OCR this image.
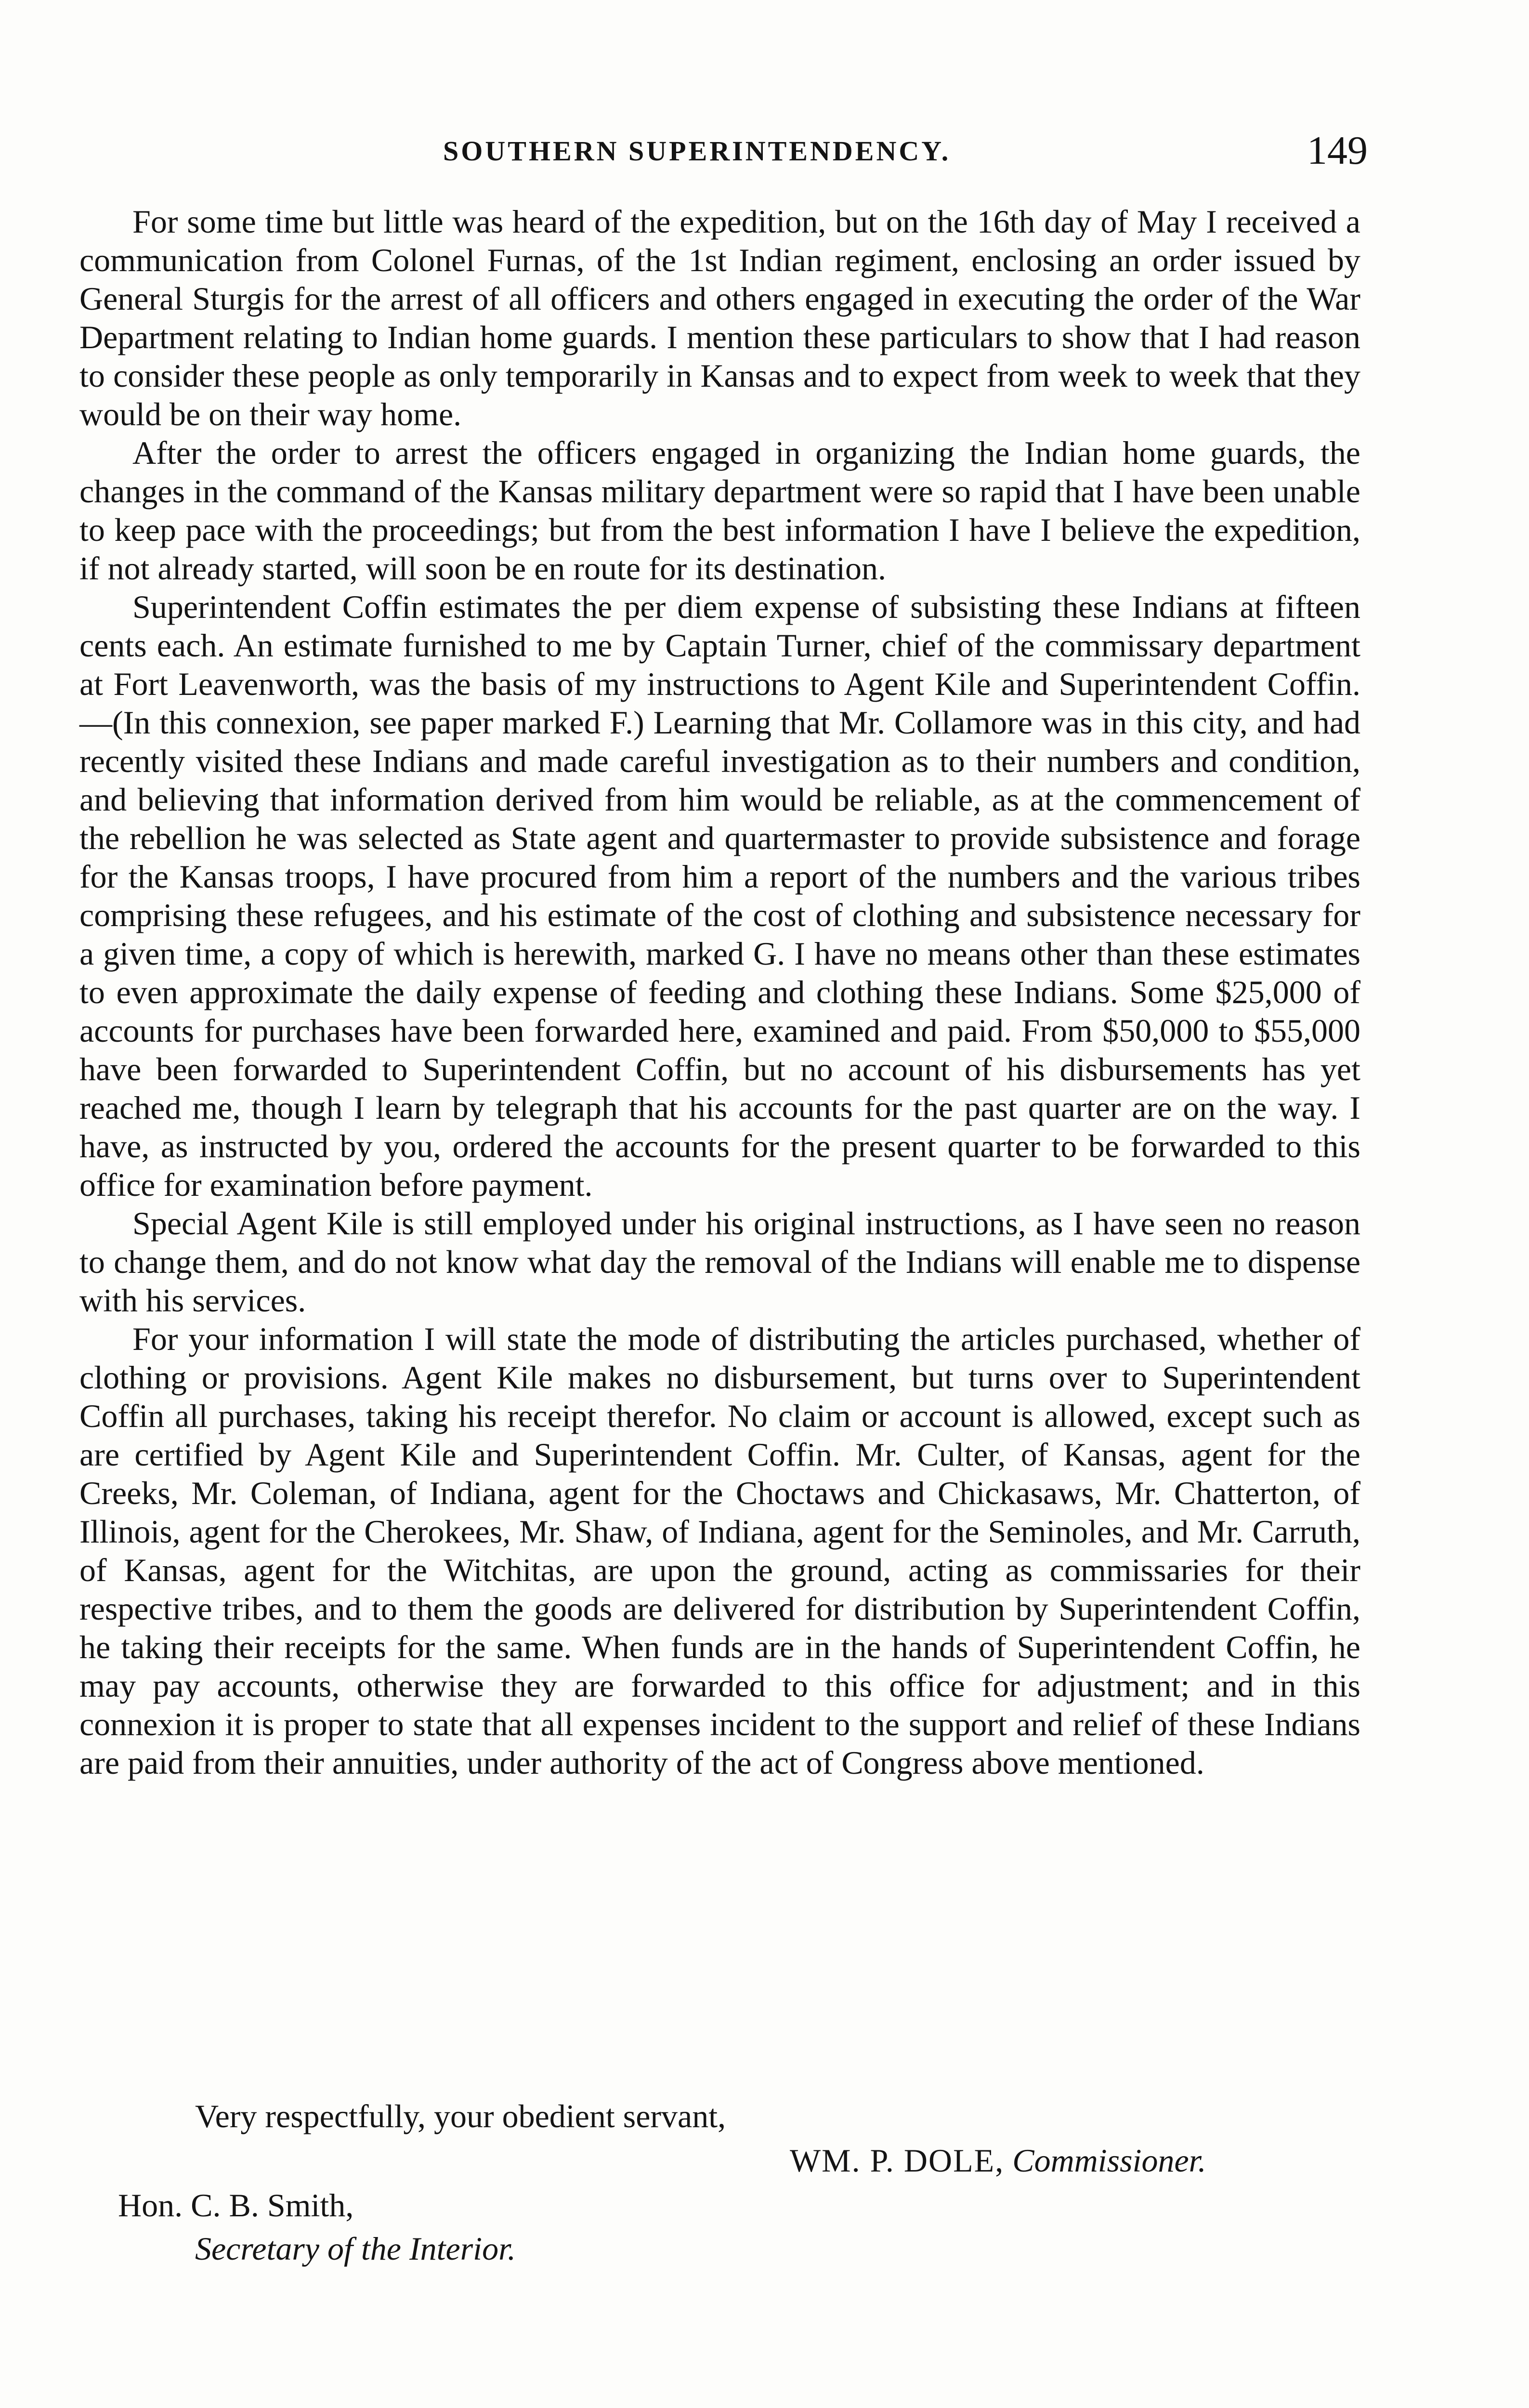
SOUTHERN SUPERINTENDENCY.	149

For some time but little was heard of the expedition, but on the 16th day of May I received a communication from Colonel Furnas, of the 1st Indian regiment, enclosing an order issued by General Sturgis for the arrest of all officers and others engaged in executing the order of the War Department relating to Indian home guards. I mention these particulars to show that I had reason to consider these people as only temporarily in Kansas and to expect from week to week that they would be on their way home.

After the order to arrest the officers engaged in organizing the Indian home guards, the changes in the command of the Kansas military department were so rapid that I have been unable to keep pace with the proceedings; but from the best information I have I believe the expedition, if not already started, will soon be en route for its destination.

Superintendent Coffin estimates the per diem expense of subsisting these Indians at fifteen cents each. An estimate furnished to me by Captain Turner, chief of the commissary department at Fort Leavenworth, was the basis of my instructions to Agent Kile and Superintendent Coffin.—(In this connexion, see paper marked F.) Learning that Mr. Collamore was in this city, and had recently visited these Indians and made careful investigation as to their numbers and condition, and believing that information derived from him would be reliable, as at the commencement of the rebellion he was selected as State agent and quartermaster to provide subsistence and forage for the Kansas troops, I have procured from him a report of the numbers and the various tribes comprising these refugees, and his estimate of the cost of clothing and subsistence necessary for a given time, a copy of which is herewith, marked G. I have no means other than these estimates to even approximate the daily expense of feeding and clothing these Indians. Some $25,000 of accounts for purchases have been forwarded here, examined and paid. From $50,000 to $55,000 have been forwarded to Superintendent Coffin, but no account of his disbursements has yet reached me, though I learn by telegraph that his accounts for the past quarter are on the way. I have, as instructed by you, ordered the accounts for the present quarter to be forwarded to this office for examination before payment.

Special Agent Kile is still employed under his original instructions, as I have seen no reason to change them, and do not know what day the removal of the Indians will enable me to dispense with his services.

For your information I will state the mode of distributing the articles purchased, whether of clothing or provisions. Agent Kile makes no disbursement, but turns over to Superintendent Coffin all purchases, taking his receipt therefor. No claim or account is allowed, except such as are certified by Agent Kile and Superintendent Coffin. Mr. Culter, of Kansas, agent for the Creeks, Mr. Coleman, of Indiana, agent for the Choctaws and Chickasaws, Mr. Chatterton, of Illinois, agent for the Cherokees, Mr. Shaw, of Indiana, agent for the Seminoles, and Mr. Carruth, of Kansas, agent for the Witchitas, are upon the ground, acting as commissaries for their respective tribes, and to them the goods are delivered for distribution by Superintendent Coffin, he taking their receipts for the same. When funds are in the hands of Superintendent Coffin, he may pay accounts, otherwise they are forwarded to this office for adjustment; and in this connexion it is proper to state that all expenses incident to the support and relief of these Indians are paid from their annuities, under authority of the act of Congress above mentioned.

Very respectfully, your obedient servant,
WM. P. DOLE, Commissioner.
Hon. C. B. Smith,
Secretary of the Interior.
